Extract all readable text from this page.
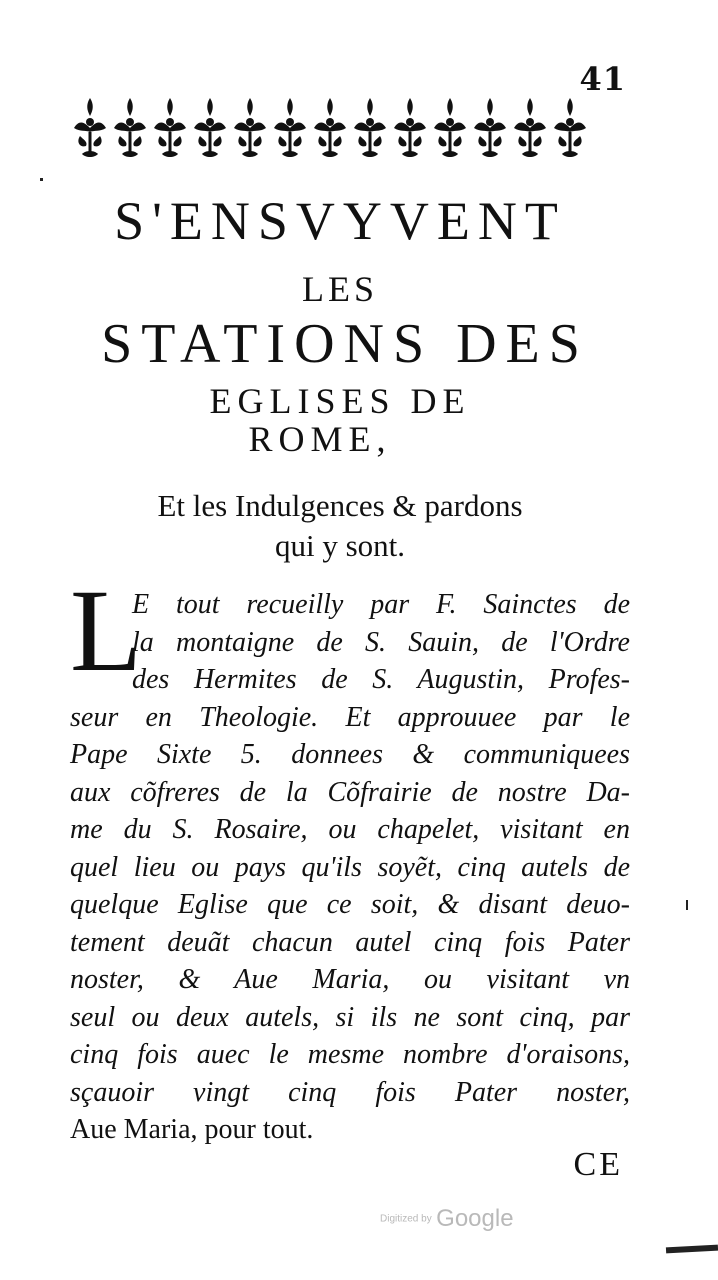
41
S'ENSVYVENT
LES
STATIONS DES
EGLISES DE
ROME,
Et les Indulgences & pardons
qui y sont.
L
E tout recueilly par F. Sainctes de
la montaigne de S. Sauin, de l'Ordre
des Hermites de S. Augustin, Profes-
seur en Theologie. Et approuuee par le
Pape Sixte 5. donnees & communiquees
aux cõfreres de la Cõfrairie de nostre Da-
me du S. Rosaire, ou chapelet, visitant en
quel lieu ou pays qu'ils soyẽt, cinq autels de
quelque Eglise que ce soit, & disant deuo-
tement deuãt chacun autel cinq fois Pater
noster, & Aue Maria, ou visitant vn
seul ou deux autels, si ils ne sont cinq, par
cinq fois auec le mesme nombre d'oraisons,
sçauoir vingt cinq fois Pater noster,
Aue Maria, pour tout.
CE
Digitized by Google
